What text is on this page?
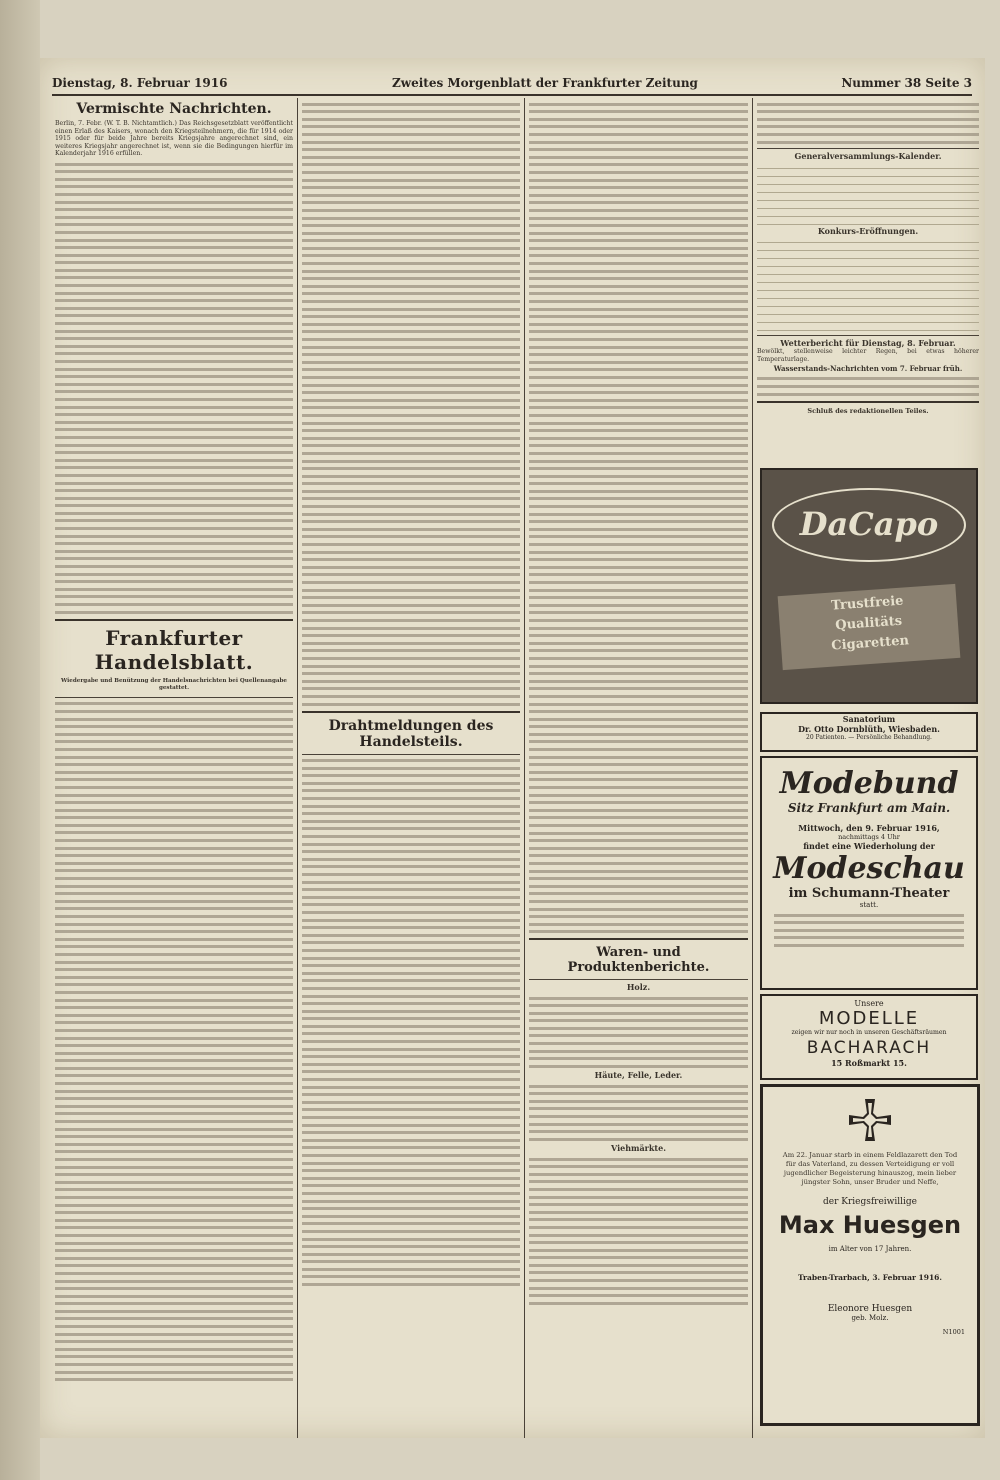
Dienstag, 8. Februar 1916	Zweites Morgenblatt der Frankfurter Zeitung	Nummer 38 Seite 3
Vermischte Nachrichten.
Berlin, 7. Febr. (W. T. B. Nichtamtlich.) Das Reichsgesetzblatt veröffentlicht einen Erlaß des Kaisers, wonach den Kriegsteilnehmern, die für 1914 oder 1915 oder für beide Jahre bereits Kriegsjahre angerechnet sind, ein weiteres Kriegsjahr angerechnet ist, wenn sie die Bedingungen hierfür im Kalenderjahr 1916 erfüllen.
Frankfurter Handelsblatt.
Wiedergabe und Benützung der Handelsnachrichten bei Quellenangabe gestattet.
Drahtmeldungen des Handelsteils.
Waren- und Produktenberichte.
Holz.
Häute, Felle, Leder.
Viehmärkte.
Generalversammlungs-Kalender.

Konkurs-Eröffnungen.

Wetterbericht für Dienstag, 8. Februar.
Bewölkt, stellenweise leichter Regen, bei etwas höherer Temperaturlage.
Wasserstands-Nachrichten vom 7. Februar früh.
Schluß des redaktionellen Teiles.
DaCapo
Trustfreie
Qualitäts
Cigaretten
Sanatorium
Dr. Otto Dornblüth, Wiesbaden.
20 Patienten. — Persönliche Behandlung.
Modebund
Sitz Frankfurt am Main.
Mittwoch, den 9. Februar 1916,
nachmittags 4 Uhr
findet eine Wiederholung der
Modeschau
im Schumann-Theater
statt.
Unsere
MODELLE
zeigen wir nur noch in unseren Geschäftsräumen
BACHARACH
15 Roßmarkt 15.
Am 22. Januar starb in einem Feldlazarett den Tod für das Vaterland, zu dessen Verteidigung er voll jugendlicher Begeisterung hinauszog, mein lieber jüngster Sohn, unser Bruder und Neffe,
der Kriegsfreiwillige
Max Huesgen
im Alter von 17 Jahren.
Traben-Trarbach, 3. Februar 1916.
Eleonore Huesgen
geb. Molz.
N1001
